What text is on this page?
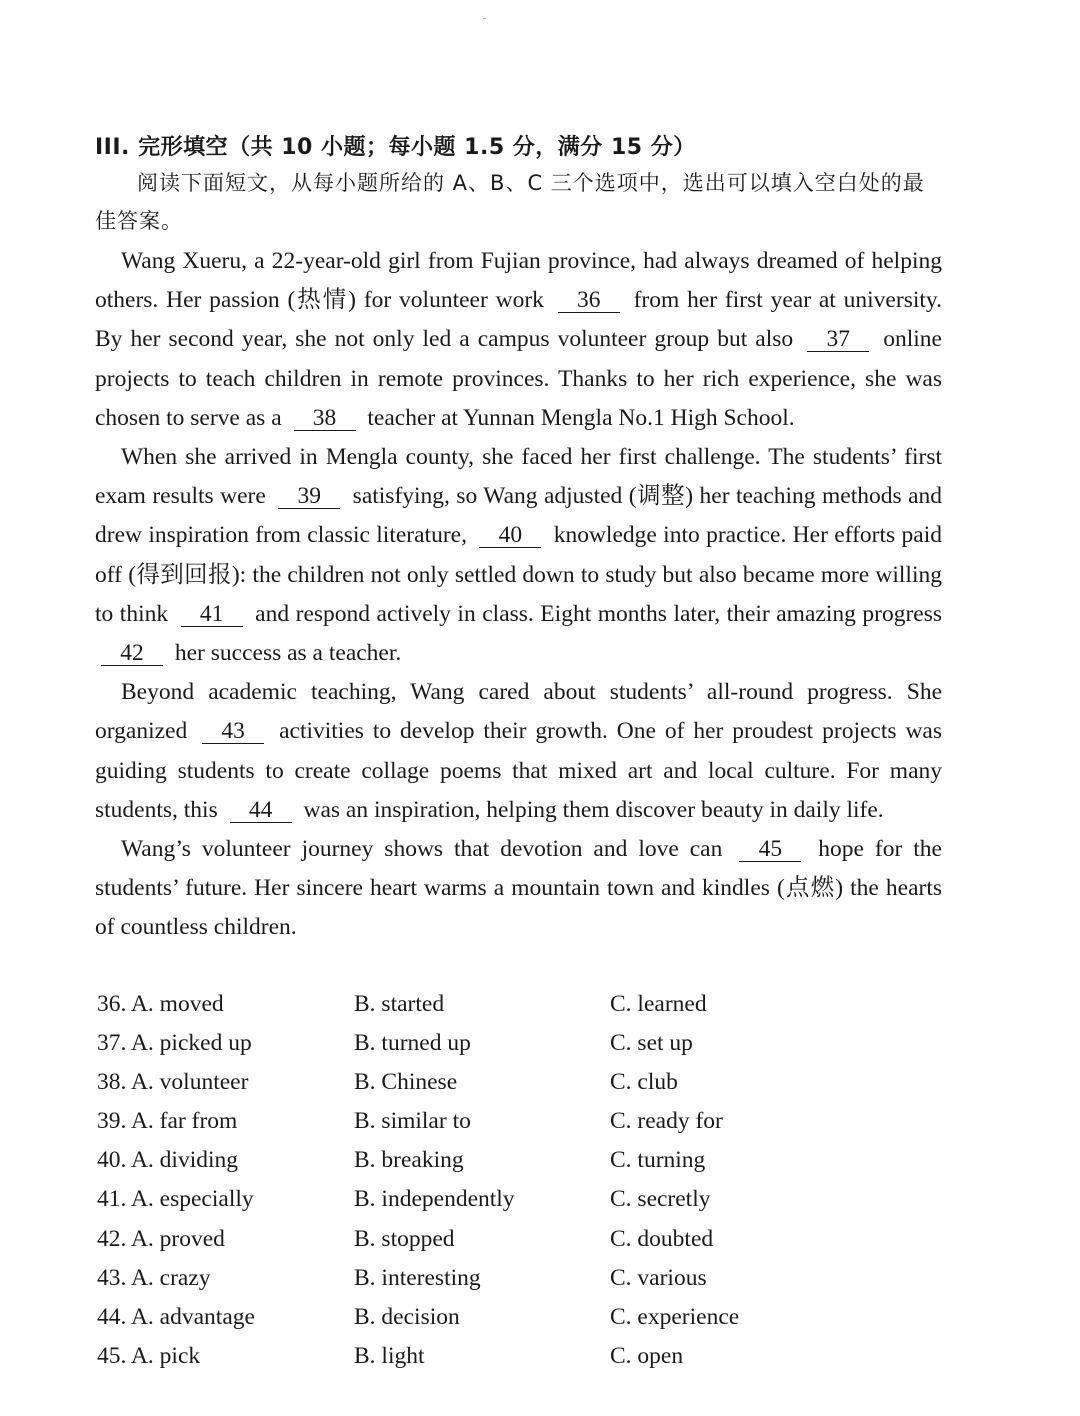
III. 完形填空（共 10 小题；每小题 1.5 分，满分 15 分）
阅读下面短文，从每小题所给的 A、B、C 三个选项中，选出可以填入空白处的最佳答案。

Wang Xueru, a 22-year-old girl from Fujian province, had always dreamed of helping others. Her passion (热情) for volunteer work 36 from her first year at university. By her second year, she not only led a campus volunteer group but also 37 online projects to teach children in remote provinces. Thanks to her rich experience, she was chosen to serve as a 38 teacher at Yunnan Mengla No.1 High School.

When she arrived in Mengla county, she faced her first challenge. The students’ first exam results were 39 satisfying, so Wang adjusted (调整) her teaching methods and drew inspiration from classic literature, 40 knowledge into practice. Her efforts paid off (得到回报): the children not only settled down to study but also became more willing to think 41 and respond actively in class. Eight months later, their amazing progress 42 her success as a teacher.

Beyond academic teaching, Wang cared about students’ all-round progress. She organized 43 activities to develop their growth. One of her proudest projects was guiding students to create collage poems that mixed art and local culture. For many students, this 44 was an inspiration, helping them discover beauty in daily life.

Wang’s volunteer journey shows that devotion and love can 45 hope for the students’ future. Her sincere heart warms a mountain town and kindles (点燃) the hearts of countless children.

36. A. moved	B. started	C. learned
37. A. picked up	B. turned up	C. set up
38. A. volunteer	B. Chinese	C. club
39. A. far from	B. similar to	C. ready for
40. A. dividing	B. breaking	C. turning
41. A. especially	B. independently	C. secretly
42. A. proved	B. stopped	C. doubted
43. A. crazy	B. interesting	C. various
44. A. advantage	B. decision	C. experience
45. A. pick	B. light	C. open
